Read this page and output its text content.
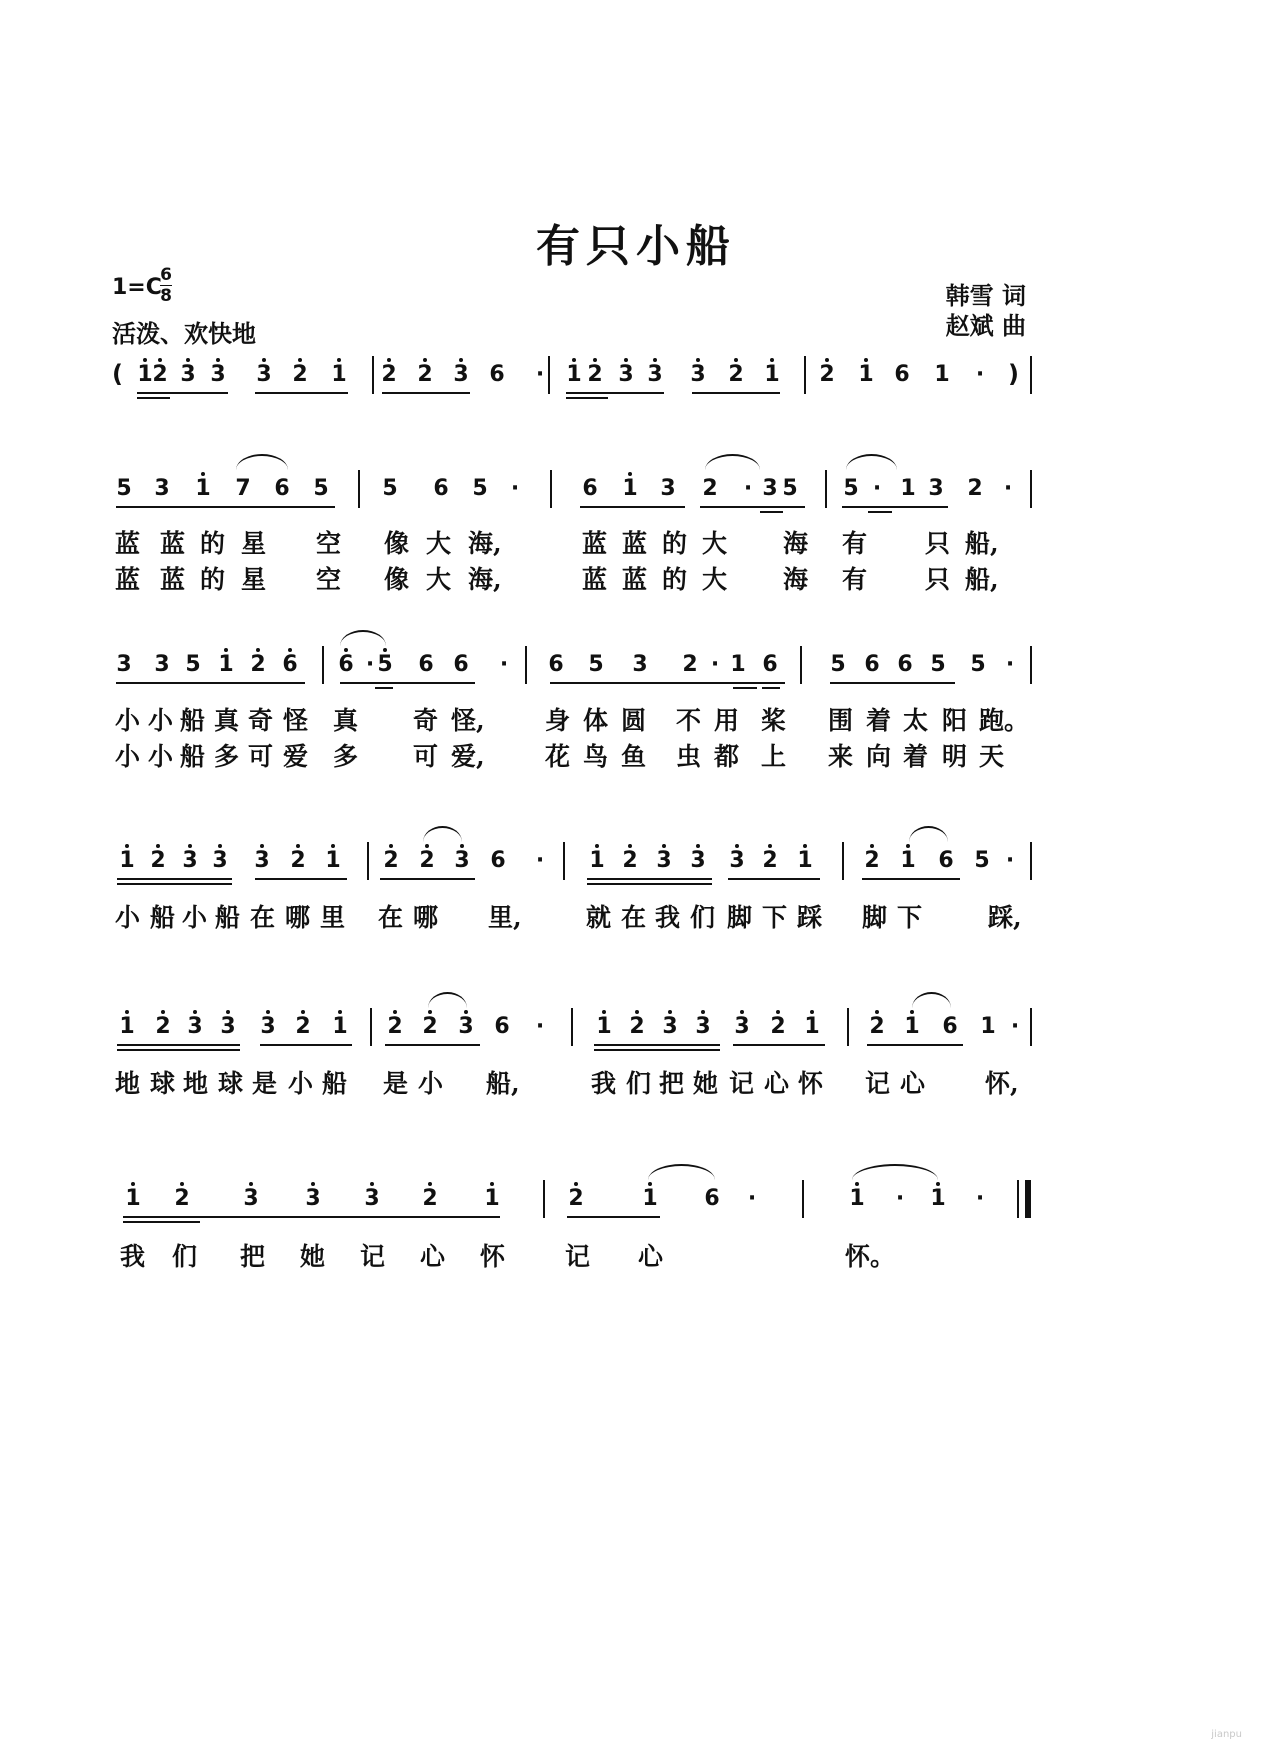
有只小船
1=C
6
8
活泼、欢快地
韩雪 词
赵斌 曲
1 2 3 3 3 2 1 2 2 3 6 · 1 2 3 3 3 2 1 2 1 6 1 ·
5 3 1 7 6 5 5 6 5 ·	6 1 3 2 · 3 5 5 · 1 3 2 ·
蓝 蓝 的 星 空 像 大 海,	蓝 蓝 的 大 海 有 只 船,
蓝 蓝 的 星 空 像 大 海,	蓝 蓝 的 大 海 有 只 船,
3 3 5 1 2 6 6 · 5 6 6 · 6 5 3 2 · 1 6 5 6 6 5 5 ·
小 小 船 真 奇 怪 真 奇 怪, 身 体 圆 不 用 桨 围 着 太 阳 跑。
小 小 船 多 可 爱 多 可 爱, 花 鸟 鱼 虫 都 上 来 向 着 明 天
1 2 3 3 3 2 1 2 2 3 6 · 1 2 3 3 3 2 1 2 1 6 5 ·
小 船 小 船 在 哪 里 在 哪 里,	就 在 我 们 脚 下 踩 脚 下	踩,
1 2 3 3 3 2 1 2 2 3 6 · 1 2 3 3 3 2 1 2 1 6 1 ·
地 球 地 球 是 小 船 是 小 船,	我 们 把 她 记 心 怀 记 心 怀,
1 2 3 3 3 2 1	2	1 6 ·	1 · 1 ·
我 们 把 她 记 心 怀 记 心	怀。
(	)
jianpu
